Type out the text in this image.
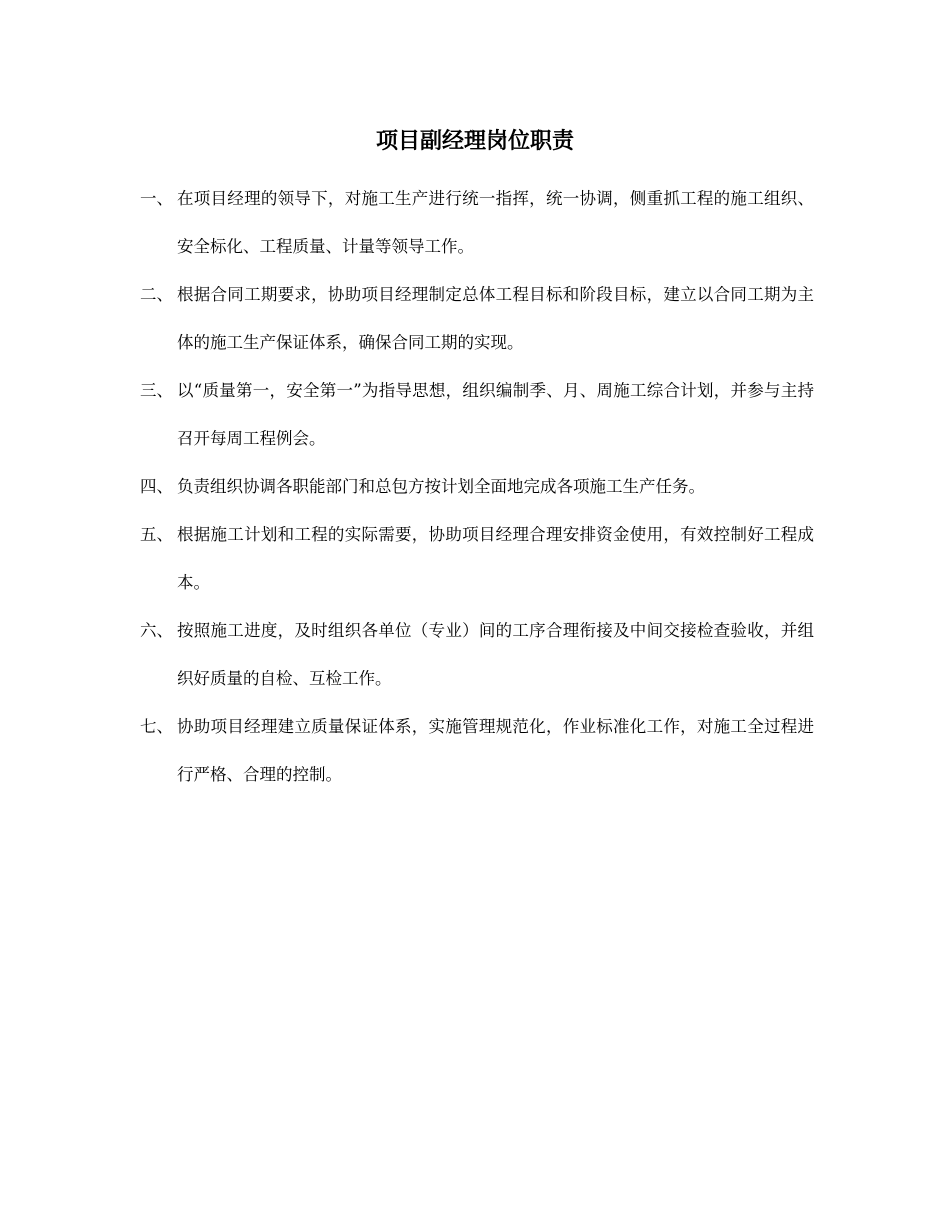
项目副经理岗位职责
一、 在项目经理的领导下，对施工生产进行统一指挥，统一协调，侧重抓工程的施工组织、安全标化、工程质量、计量等领导工作。
二、 根据合同工期要求，协助项目经理制定总体工程目标和阶段目标，建立以合同工期为主体的施工生产保证体系，确保合同工期的实现。
三、 以“质量第一，安全第一”为指导思想，组织编制季、月、周施工综合计划，并参与主持召开每周工程例会。
四、 负责组织协调各职能部门和总包方按计划全面地完成各项施工生产任务。
五、 根据施工计划和工程的实际需要，协助项目经理合理安排资金使用，有效控制好工程成本。
六、 按照施工进度，及时组织各单位（专业）间的工序合理衔接及中间交接检查验收，并组织好质量的自检、互检工作。
七、 协助项目经理建立质量保证体系，实施管理规范化，作业标准化工作，对施工全过程进行严格、合理的控制。
